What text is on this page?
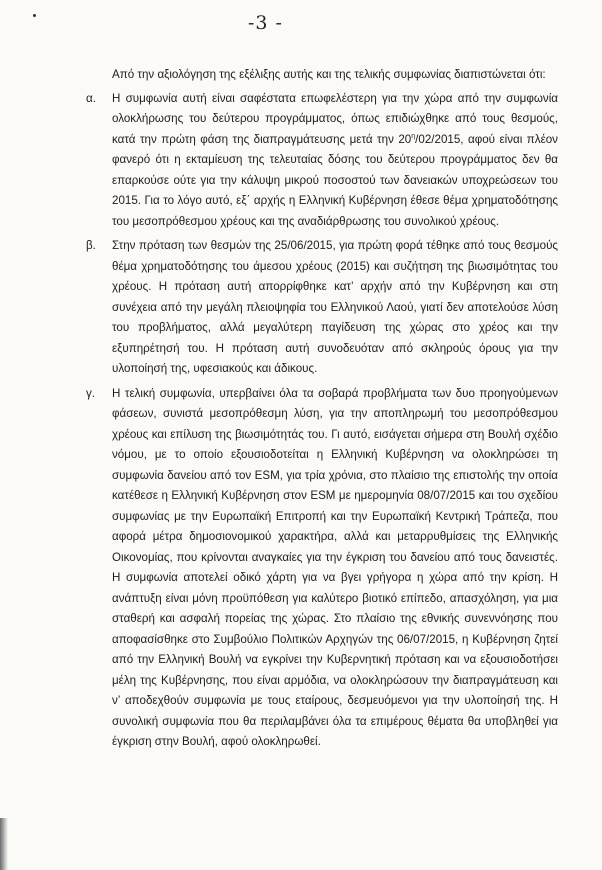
-3 -

Από την αξιολόγηση της εξέλιξης αυτής και της τελικής συμφωνίας διαπιστώνεται ότι:

α. Η συμφωνία αυτή είναι σαφέστατα επωφελέστερη για την χώρα από την συμφωνία ολοκλήρωσης του δεύτερου προγράμματος, όπως επιδιώχθηκε από τους θεσμούς, κατά την πρώτη φάση της διαπραγμάτευσης μετά την $20^\eta/02/2015$, αφού είναι πλέον φανερό ότι η εκταμίευση της τελευταίας δόσης του δεύτερου προγράμματος δεν θα επαρκούσε ούτε για την κάλυψη μικρού ποσοστού των δανειακών υποχρεώσεων του 2015. Για το λόγο αυτό, εξ΄ αρχής η Ελληνική Κυβέρνηση έθεσε θέμα χρηματοδότησης του μεσοπρόθεσμου χρέους και της αναδιάρθρωσης του συνολικού χρέους.

β. Στην πρόταση των θεσμών της 25/06/2015, για πρώτη φορά τέθηκε από τους θεσμούς θέμα χρηματοδότησης του άμεσου χρέους (2015) και συζήτηση της βιωσιμότητας του χρέους. Η πρόταση αυτή απορρίφθηκε κατ’ αρχήν από την Κυβέρνηση και στη συνέχεια από την μεγάλη πλειοψηφία του Ελληνικού Λαού, γιατί δεν αποτελούσε λύση του προβλήματος, αλλά μεγαλύτερη παγίδευση της χώρας στο χρέος και την εξυπηρέτησή του. Η πρόταση αυτή συνοδευόταν από σκληρούς όρους για την υλοποίησή της, υφεσιακούς και άδικους.

γ. Η τελική συμφωνία, υπερβαίνει όλα τα σοβαρά προβλήματα των δυο προηγούμενων φάσεων, συνιστά μεσοπρόθεσμη λύση, για την αποπληρωμή του μεσοπρόθεσμου χρέους και επίλυση της βιωσιμότητάς του. Γι αυτό, εισάγεται σήμερα στη Βουλή σχέδιο νόμου, με το οποίο εξουσιοδοτείται η Ελληνική Κυβέρνηση να ολοκληρώσει τη συμφωνία δανείου από τον ESM, για τρία χρόνια, στο πλαίσιο της επιστολής την οποία κατέθεσε η Ελληνική Κυβέρνηση στον ESM με ημερομηνία 08/07/2015 και του σχεδίου συμφωνίας με την Ευρωπαϊκή Επιτροπή και την Ευρωπαϊκή Κεντρική Τράπεζα, που αφορά μέτρα δημοσιονομικού χαρακτήρα, αλλά και μεταρρυθμίσεις της Ελληνικής Οικονομίας, που κρίνονται αναγκαίες για την έγκριση του δανείου από τους δανειστές. Η συμφωνία αποτελεί οδικό χάρτη για να βγει γρήγορα η χώρα από την κρίση. Η ανάπτυξη είναι μόνη προϋπόθεση για καλύτερο βιοτικό επίπεδο, απασχόληση, για μια σταθερή και ασφαλή πορείας της χώρας. Στο πλαίσιο της εθνικής συνεννόησης που αποφασίσθηκε στο Συμβούλιο Πολιτικών Αρχηγών της 06/07/2015, η Κυβέρνηση ζητεί από την Ελληνική Βουλή να εγκρίνει την Κυβερνητική πρόταση και να εξουσιοδοτήσει μέλη της Κυβέρνησης, που είναι αρμόδια, να ολοκληρώσουν την διαπραγμάτευση και ν’ αποδεχθούν συμφωνία με τους εταίρους, δεσμευόμενοι για την υλοποίησή της. Η συνολική συμφωνία που θα περιλαμβάνει όλα τα επιμέρους θέματα θα υποβληθεί για έγκριση στην Βουλή, αφού ολοκληρωθεί.
